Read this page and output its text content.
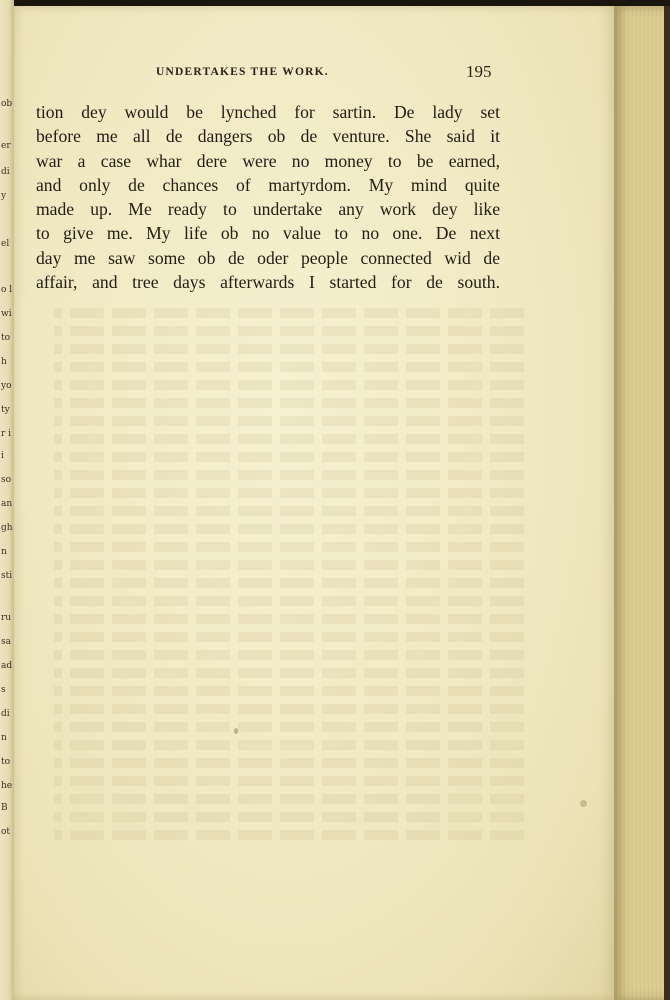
ob
er
di
y
el
o l
wi
to
h
yo
ty
r i
i
so
an
gh
n
sti
ru
sa
ad
s
di
n
to
he
B
ot
UNDERTAKES THE WORK.	195
tion dey would be lynched for sartin. De lady set
before me all de dangers ob de venture. She said it
war a case whar dere were no money to be earned,
and only de chances of martyrdom. My mind quite
made up. Me ready to undertake any work dey like
to give me. My life ob no value to no one. De next
day me saw some ob de oder people connected wid de
affair, and tree days afterwards I started for de south.
